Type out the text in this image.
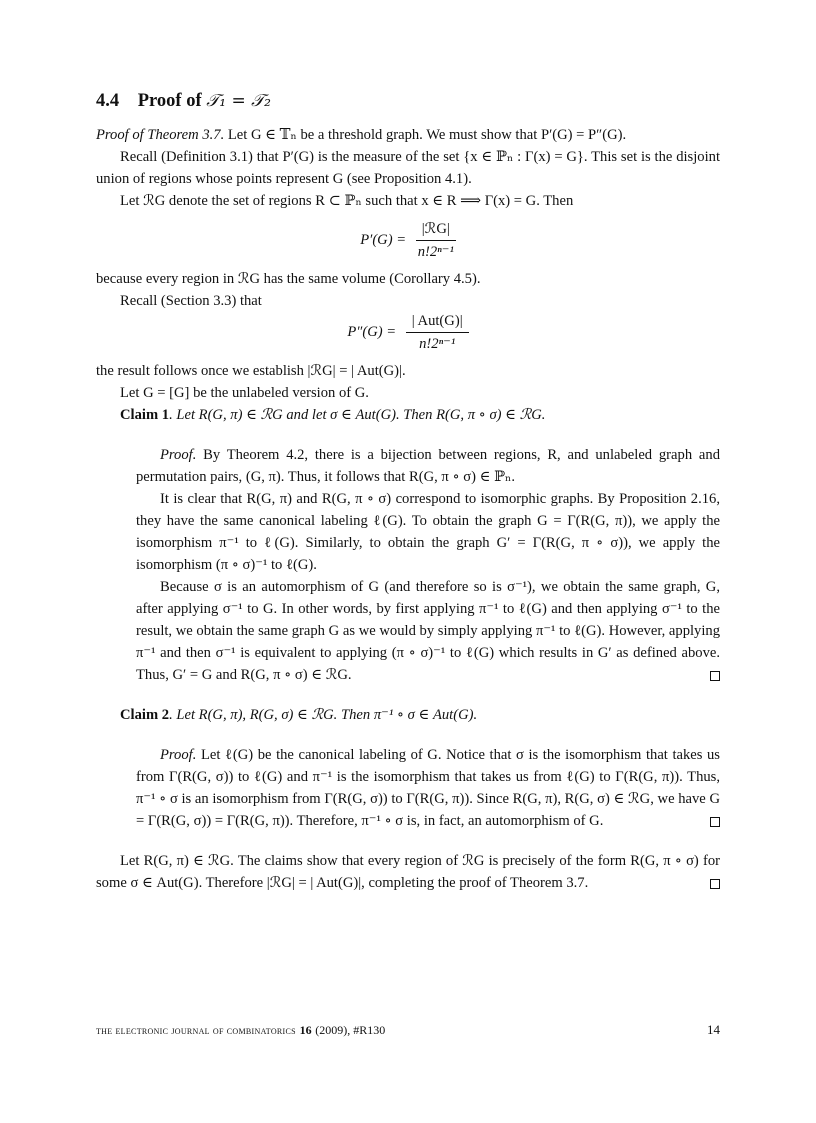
4.4 Proof of 𝒯₁ = 𝒯₂

Proof of Theorem 3.7. Let G ∈ 𝕋ₙ be a threshold graph. We must show that P′(G) = P″(G).

Recall (Definition 3.1) that P′(G) is the measure of the set {x ∈ ℙₙ : Γ(x) = G}. This set is the disjoint union of regions whose points represent G (see Proposition 4.1).

Let ℛG denote the set of regions R ⊂ ℙₙ such that x ∈ R ⟹ Γ(x) = G. Then

$P'(G) = \frac{\text{|ℛG|}}{\text{n!2ⁿ⁻¹}}$

because every region in ℛG has the same volume (Corollary 4.5).

Recall (Section 3.3) that

$P''(G) = \frac{\text{| Aut(G)|}}{\text{n!2ⁿ⁻¹}}$

the result follows once we establish |ℛG| = | Aut(G)|.

Let G = [G] be the unlabeled version of G.

Claim 1. Let R(G, π) ∈ ℛG and let σ ∈ Aut(G). Then R(G, π ∘ σ) ∈ ℛG.

Proof. By Theorem 4.2, there is a bijection between regions, R, and unlabeled graph and permutation pairs, (G, π). Thus, it follows that R(G, π ∘ σ) ∈ ℙₙ.

It is clear that R(G, π) and R(G, π ∘ σ) correspond to isomorphic graphs. By Proposition 2.16, they have the same canonical labeling ℓ(G). To obtain the graph G = Γ(R(G, π)), we apply the isomorphism π⁻¹ to ℓ(G). Similarly, to obtain the graph G′ = Γ(R(G, π ∘ σ)), we apply the isomorphism (π ∘ σ)⁻¹ to ℓ(G).

Because σ is an automorphism of G (and therefore so is σ⁻¹), we obtain the same graph, G, after applying σ⁻¹ to G. In other words, by first applying π⁻¹ to ℓ(G) and then applying σ⁻¹ to the result, we obtain the same graph G as we would by simply applying π⁻¹ to ℓ(G). However, applying π⁻¹ and then σ⁻¹ is equivalent to applying (π ∘ σ)⁻¹ to ℓ(G) which results in G′ as defined above. Thus, G′ = G and R(G, π ∘ σ) ∈ ℛG.

Claim 2. Let R(G, π), R(G, σ) ∈ ℛG. Then π⁻¹ ∘ σ ∈ Aut(G).

Proof. Let ℓ(G) be the canonical labeling of G. Notice that σ is the isomorphism that takes us from Γ(R(G, σ)) to ℓ(G) and π⁻¹ is the isomorphism that takes us from ℓ(G) to Γ(R(G, π)). Thus, π⁻¹ ∘ σ is an isomorphism from Γ(R(G, σ)) to Γ(R(G, π)). Since R(G, π), R(G, σ) ∈ ℛG, we have G = Γ(R(G, σ)) = Γ(R(G, π)). Therefore, π⁻¹ ∘ σ is, in fact, an automorphism of G.

Let R(G, π) ∈ ℛG. The claims show that every region of ℛG is precisely of the form R(G, π ∘ σ) for some σ ∈ Aut(G). Therefore |ℛG| = | Aut(G)|, completing the proof of Theorem 3.7.

the electronic journal of combinatorics 16 (2009), #R130	14
